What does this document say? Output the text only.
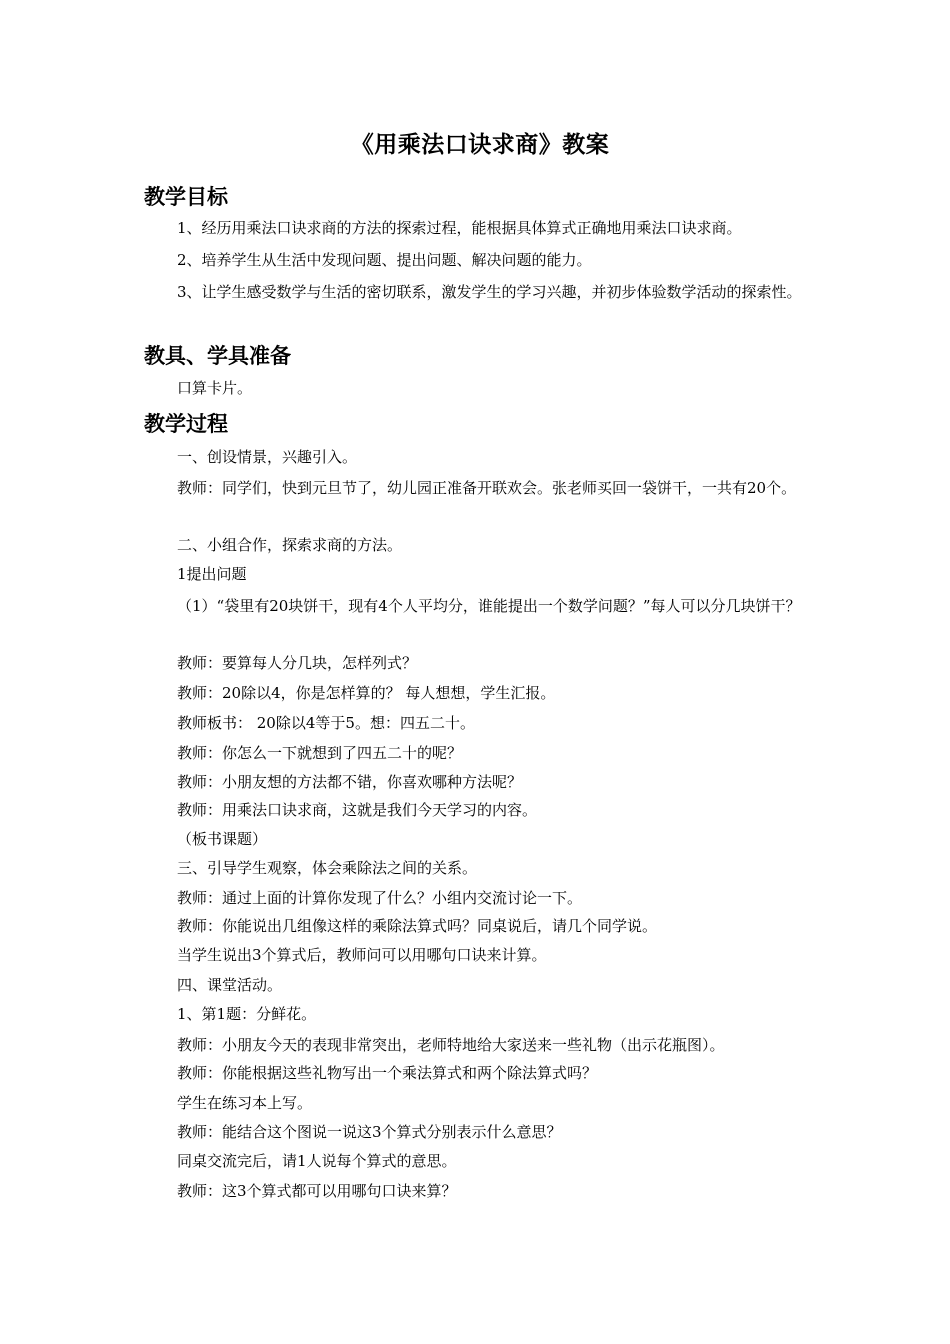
《用乘法口诀求商》教案
教学目标

1、经历用乘法口诀求商的方法的探索过程，能根据具体算式正确地用乘法口诀求商。

2、培养学生从生活中发现问题、提出问题、解决问题的能力。

3、让学生感受数学与生活的密切联系，激发学生的学习兴趣，并初步体验数学活动的探索性。

教具、学具准备

口算卡片。

教学过程

一、创设情景，兴趣引入。

教师：同学们，快到元旦节了，幼儿园正准备开联欢会。张老师买回一袋饼干，一共有20个。

二、小组合作，探索求商的方法。

1提出问题

（1）“袋里有20块饼干，现有4个人平均分，谁能提出一个数学问题？”每人可以分几块饼干？

教师：要算每人分几块，怎样列式？

教师：20除以4，你是怎样算的？ 每人想想，学生汇报。

教师板书： 20除以4等于5。想：四五二十。

教师：你怎么一下就想到了四五二十的呢？

教师：小朋友想的方法都不错，你喜欢哪种方法呢？

教师：用乘法口诀求商，这就是我们今天学习的内容。

（板书课题）

三、引导学生观察，体会乘除法之间的关系。

教师：通过上面的计算你发现了什么？小组内交流讨论一下。

教师：你能说出几组像这样的乘除法算式吗？同桌说后，请几个同学说。

当学生说出3个算式后，教师问可以用哪句口诀来计算。

四、课堂活动。

1、第1题：分鲜花。

教师：小朋友今天的表现非常突出，老师特地给大家送来一些礼物（出示花瓶图）。

教师：你能根据这些礼物写出一个乘法算式和两个除法算式吗？

学生在练习本上写。

教师：能结合这个图说一说这3个算式分别表示什么意思？

同桌交流完后，请1人说每个算式的意思。

教师：这3个算式都可以用哪句口诀来算？
